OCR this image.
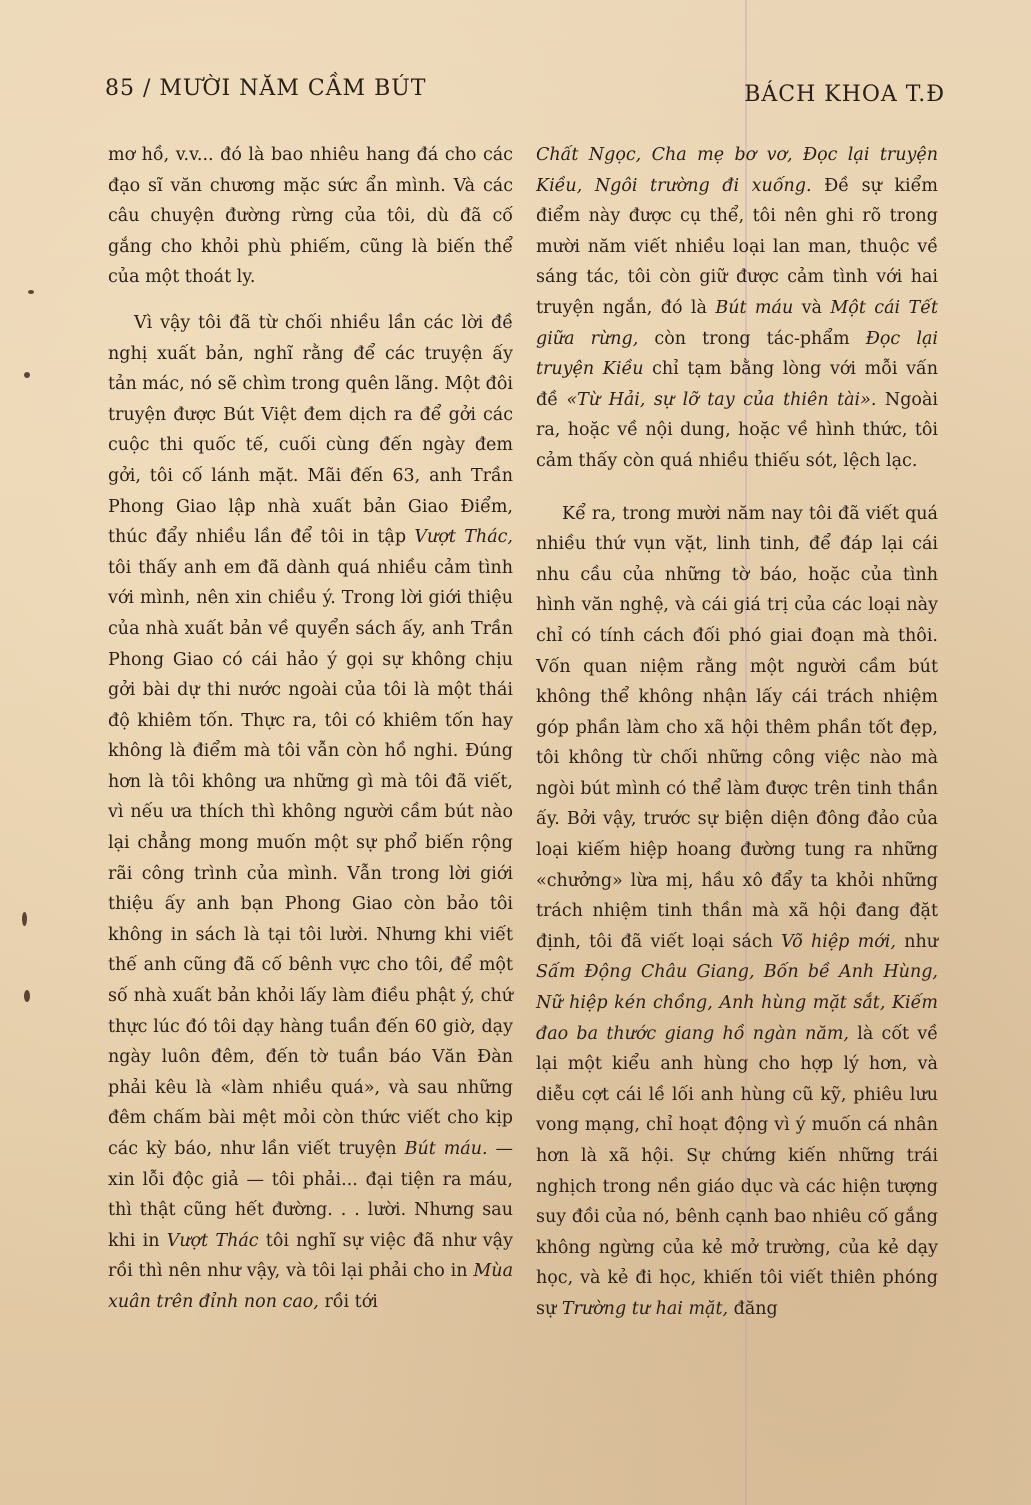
85 / MƯỜI NĂM CẦM BÚT	BÁCH KHOA T.Đ

mơ hồ, v.v... đó là bao nhiêu hang đá cho các đạo sĩ văn chương mặc sức ẩn mình. Và các câu chuyện đường rừng của tôi, dù đã cố gắng cho khỏi phù phiếm, cũng là biến thể của một thoát ly.

Vì vậy tôi đã từ chối nhiều lần các lời đề nghị xuất bản, nghĩ rằng để các truyện ấy tản mác, nó sẽ chìm trong quên lãng. Một đôi truyện được Bút Việt đem dịch ra để gởi các cuộc thi quốc tế, cuối cùng đến ngày đem gởi, tôi cố lánh mặt. Mãi đến 63, anh Trần Phong Giao lập nhà xuất bản Giao Điểm, thúc đẩy nhiều lần để tôi in tập Vượt Thác, tôi thấy anh em đã dành quá nhiều cảm tình với mình, nên xin chiều ý. Trong lời giới thiệu của nhà xuất bản về quyển sách ấy, anh Trần Phong Giao có cái hảo ý gọi sự không chịu gởi bài dự thi nước ngoài của tôi là một thái độ khiêm tốn. Thực ra, tôi có khiêm tốn hay không là điểm mà tôi vẫn còn hồ nghi. Đúng hơn là tôi không ưa những gì mà tôi đã viết, vì nếu ưa thích thì không người cầm bút nào lại chẳng mong muốn một sự phổ biến rộng rãi công trình của mình. Vẫn trong lời giới thiệu ấy anh bạn Phong Giao còn bảo tôi không in sách là tại tôi lười. Nhưng khi viết thế anh cũng đã cố bênh vực cho tôi, để một số nhà xuất bản khỏi lấy làm điều phật ý, chứ thực lúc đó tôi dạy hàng tuần đến 60 giờ, dạy ngày luôn đêm, đến tờ tuần báo Văn Đàn phải kêu là «làm nhiều quá», và sau những đêm chấm bài mệt mỏi còn thức viết cho kịp các kỳ báo, như lần viết truyện Bút máu. — xin lỗi độc giả — tôi phải... đại tiện ra máu, thì thật cũng hết đường. . . lười. Nhưng sau khi in Vượt Thác tôi nghĩ sự việc đã như vậy rồi thì nên như vậy, và tôi lại phải cho in Mùa xuân trên đỉnh non cao, rồi tới

Chất Ngọc, Cha mẹ bơ vơ, Đọc lại truyện Kiều, Ngôi trường đi xuống. Đề sự kiểm điểm này được cụ thể, tôi nên ghi rõ trong mười năm viết nhiều loại lan man, thuộc về sáng tác, tôi còn giữ được cảm tình với hai truyện ngắn, đó là Bút máu và Một cái Tết giữa rừng, còn trong tác-phẩm Đọc lại truyện Kiều chỉ tạm bằng lòng với mỗi vấn đề «Từ Hải, sự lỡ tay của thiên tài». Ngoài ra, hoặc về nội dung, hoặc về hình thức, tôi cảm thấy còn quá nhiều thiếu sót, lệch lạc.

Kể ra, trong mười năm nay tôi đã viết quá nhiều thứ vụn vặt, linh tinh, để đáp lại cái nhu cầu của những tờ báo, hoặc của tình hình văn nghệ, và cái giá trị của các loại này chỉ có tính cách đối phó giai đoạn mà thôi. Vốn quan niệm rằng một người cầm bút không thể không nhận lấy cái trách nhiệm góp phần làm cho xã hội thêm phần tốt đẹp, tôi không từ chối những công việc nào mà ngòi bút mình có thể làm được trên tinh thần ấy. Bởi vậy, trước sự biện diện đông đảo của loại kiếm hiệp hoang đường tung ra những «chưởng» lừa mị, hầu xô đẩy ta khỏi những trách nhiệm tinh thần mà xã hội đang đặt định, tôi đã viết loại sách Võ hiệp mới, như Sấm Động Châu Giang, Bốn bề Anh Hùng, Nữ hiệp kén chồng, Anh hùng mặt sắt, Kiếm đao ba thước giang hồ ngàn năm, là cốt về lại một kiểu anh hùng cho hợp lý hơn, và diễu cợt cái lề lối anh hùng cũ kỹ, phiêu lưu vong mạng, chỉ hoạt động vì ý muốn cá nhân hơn là xã hội. Sự chứng kiến những trái nghịch trong nền giáo dục và các hiện tượng suy đồi của nó, bênh cạnh bao nhiêu cố gắng không ngừng của kẻ mở trường, của kẻ dạy học, và kẻ đi học, khiến tôi viết thiên phóng sự Trường tư hai mặt, đăng
